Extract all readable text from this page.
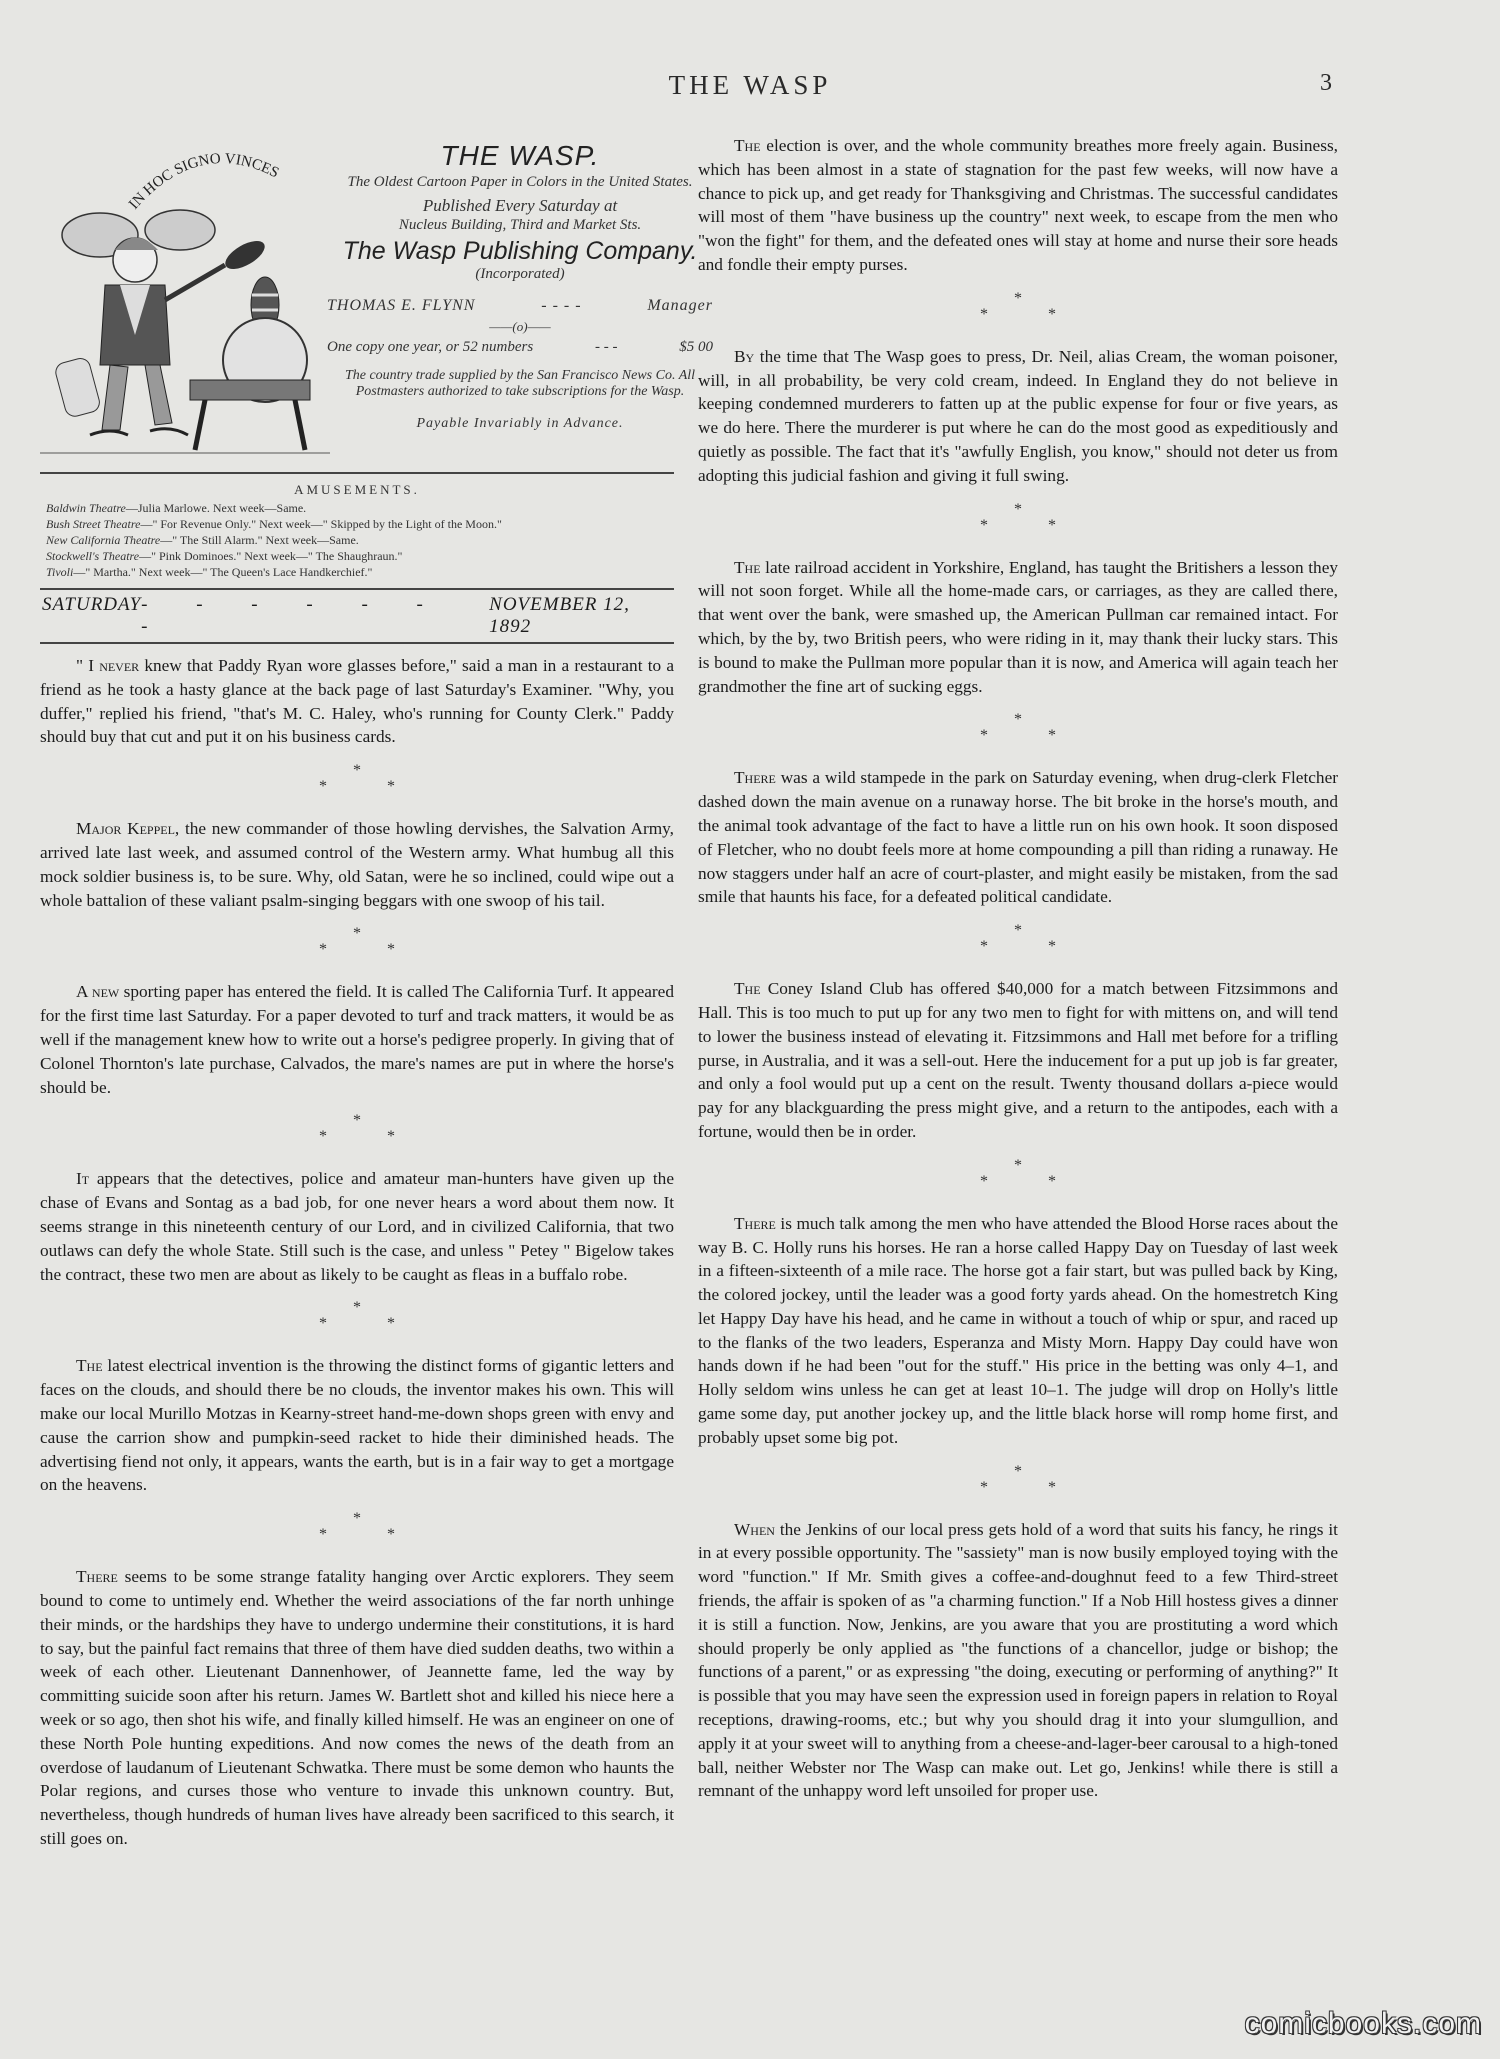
THE WASP	3
IN HOC SIGNO VINCES
THE WASP.
The Oldest Cartoon Paper in Colors in the United States.
Published Every Saturday at
Nucleus Building, Third and Market Sts.
The Wasp Publishing Company.
(Incorporated)
THOMAS E. FLYNN	- - - -	Manager
——(o)——
One copy one year, or 52 numbers	- - -	$5 00
The country trade supplied by the San Francisco News Co. All Postmasters authorized to take subscriptions for the Wasp.
Payable Invariably in Advance.
AMUSEMENTS.
Baldwin Theatre—Julia Marlowe. Next week—Same.
Bush Street Theatre—" For Revenue Only." Next week—" Skipped by the Light of the Moon."
New California Theatre—" The Still Alarm." Next week—Same.
Stockwell's Theatre—" Pink Dominoes." Next week—" The Shaughraun."
Tivoli—" Martha." Next week—" The Queen's Lace Handkerchief."
SATURDAY - - - - - - -
NOVEMBER 12, 1892

" I never knew that Paddy Ryan wore glasses before," said a man in a restaurant to a friend as he took a hasty glance at the back page of last Saturday's Examiner. "Why, you duffer," replied his friend, "that's M. C. Haley, who's running for County Clerk." Paddy should buy that cut and put it on his business cards.

*
* *

Major Keppel, the new commander of those howling dervishes, the Salvation Army, arrived late last week, and assumed control of the Western army. What humbug all this mock soldier business is, to be sure. Why, old Satan, were he so inclined, could wipe out a whole battalion of these valiant psalm-singing beggars with one swoop of his tail.

*
* *

A new sporting paper has entered the field. It is called The California Turf. It appeared for the first time last Saturday. For a paper devoted to turf and track matters, it would be as well if the management knew how to write out a horse's pedigree properly. In giving that of Colonel Thornton's late purchase, Calvados, the mare's names are put in where the horse's should be.

*
* *

It appears that the detectives, police and amateur man-hunters have given up the chase of Evans and Sontag as a bad job, for one never hears a word about them now. It seems strange in this nineteenth century of our Lord, and in civilized California, that two outlaws can defy the whole State. Still such is the case, and unless " Petey " Bigelow takes the contract, these two men are about as likely to be caught as fleas in a buffalo robe.

*
* *

The latest electrical invention is the throwing the distinct forms of gigantic letters and faces on the clouds, and should there be no clouds, the inventor makes his own. This will make our local Murillo Motzas in Kearny-street hand-me-down shops green with envy and cause the carrion show and pumpkin-seed racket to hide their diminished heads. The advertising fiend not only, it appears, wants the earth, but is in a fair way to get a mortgage on the heavens.

*
* *

There seems to be some strange fatality hanging over Arctic explorers. They seem bound to come to untimely end. Whether the weird associations of the far north unhinge their minds, or the hardships they have to undergo undermine their constitutions, it is hard to say, but the painful fact remains that three of them have died sudden deaths, two within a week of each other. Lieutenant Dannenhower, of Jeannette fame, led the way by committing suicide soon after his return. James W. Bartlett shot and killed his niece here a week or so ago, then shot his wife, and finally killed himself. He was an engineer on one of these North Pole hunting expeditions. And now comes the news of the death from an overdose of laudanum of Lieutenant Schwatka. There must be some demon who haunts the Polar regions, and curses those who venture to invade this unknown country. But, nevertheless, though hundreds of human lives have already been sacrificed to this search, it still goes on.

The election is over, and the whole community breathes more freely again. Business, which has been almost in a state of stagnation for the past few weeks, will now have a chance to pick up, and get ready for Thanksgiving and Christmas. The successful candidates will most of them "have business up the country" next week, to escape from the men who "won the fight" for them, and the defeated ones will stay at home and nurse their sore heads and fondle their empty purses.

*
* *

By the time that The Wasp goes to press, Dr. Neil, alias Cream, the woman poisoner, will, in all probability, be very cold cream, indeed. In England they do not believe in keeping condemned murderers to fatten up at the public expense for four or five years, as we do here. There the murderer is put where he can do the most good as expeditiously and quietly as possible. The fact that it's "awfully English, you know," should not deter us from adopting this judicial fashion and giving it full swing.

*
* *

The late railroad accident in Yorkshire, England, has taught the Britishers a lesson they will not soon forget. While all the home-made cars, or carriages, as they are called there, that went over the bank, were smashed up, the American Pullman car remained intact. For which, by the by, two British peers, who were riding in it, may thank their lucky stars. This is bound to make the Pullman more popular than it is now, and America will again teach her grandmother the fine art of sucking eggs.

*
* *

There was a wild stampede in the park on Saturday evening, when drug-clerk Fletcher dashed down the main avenue on a runaway horse. The bit broke in the horse's mouth, and the animal took advantage of the fact to have a little run on his own hook. It soon disposed of Fletcher, who no doubt feels more at home compounding a pill than riding a runaway. He now staggers under half an acre of court-plaster, and might easily be mistaken, from the sad smile that haunts his face, for a defeated political candidate.

*
* *

The Coney Island Club has offered $40,000 for a match between Fitzsimmons and Hall. This is too much to put up for any two men to fight for with mittens on, and will tend to lower the business instead of elevating it. Fitzsimmons and Hall met before for a trifling purse, in Australia, and it was a sell-out. Here the inducement for a put up job is far greater, and only a fool would put up a cent on the result. Twenty thousand dollars a-piece would pay for any blackguarding the press might give, and a return to the antipodes, each with a fortune, would then be in order.

*
* *

There is much talk among the men who have attended the Blood Horse races about the way B. C. Holly runs his horses. He ran a horse called Happy Day on Tuesday of last week in a fifteen-sixteenth of a mile race. The horse got a fair start, but was pulled back by King, the colored jockey, until the leader was a good forty yards ahead. On the homestretch King let Happy Day have his head, and he came in without a touch of whip or spur, and raced up to the flanks of the two leaders, Esperanza and Misty Morn. Happy Day could have won hands down if he had been "out for the stuff." His price in the betting was only 4–1, and Holly seldom wins unless he can get at least 10–1. The judge will drop on Holly's little game some day, put another jockey up, and the little black horse will romp home first, and probably upset some big pot.

*
* *

When the Jenkins of our local press gets hold of a word that suits his fancy, he rings it in at every possible opportunity. The "sassiety" man is now busily employed toying with the word "function." If Mr. Smith gives a coffee-and-doughnut feed to a few Third-street friends, the affair is spoken of as "a charming function." If a Nob Hill hostess gives a dinner it is still a function. Now, Jenkins, are you aware that you are prostituting a word which should properly be only applied as "the functions of a chancellor, judge or bishop; the functions of a parent," or as expressing "the doing, executing or performing of anything?" It is possible that you may have seen the expression used in foreign papers in relation to Royal receptions, drawing-rooms, etc.; but why you should drag it into your slumgullion, and apply it at your sweet will to anything from a cheese-and-lager-beer carousal to a high-toned ball, neither Webster nor The Wasp can make out. Let go, Jenkins! while there is still a remnant of the unhappy word left unsoiled for proper use.

comicbooks.com
